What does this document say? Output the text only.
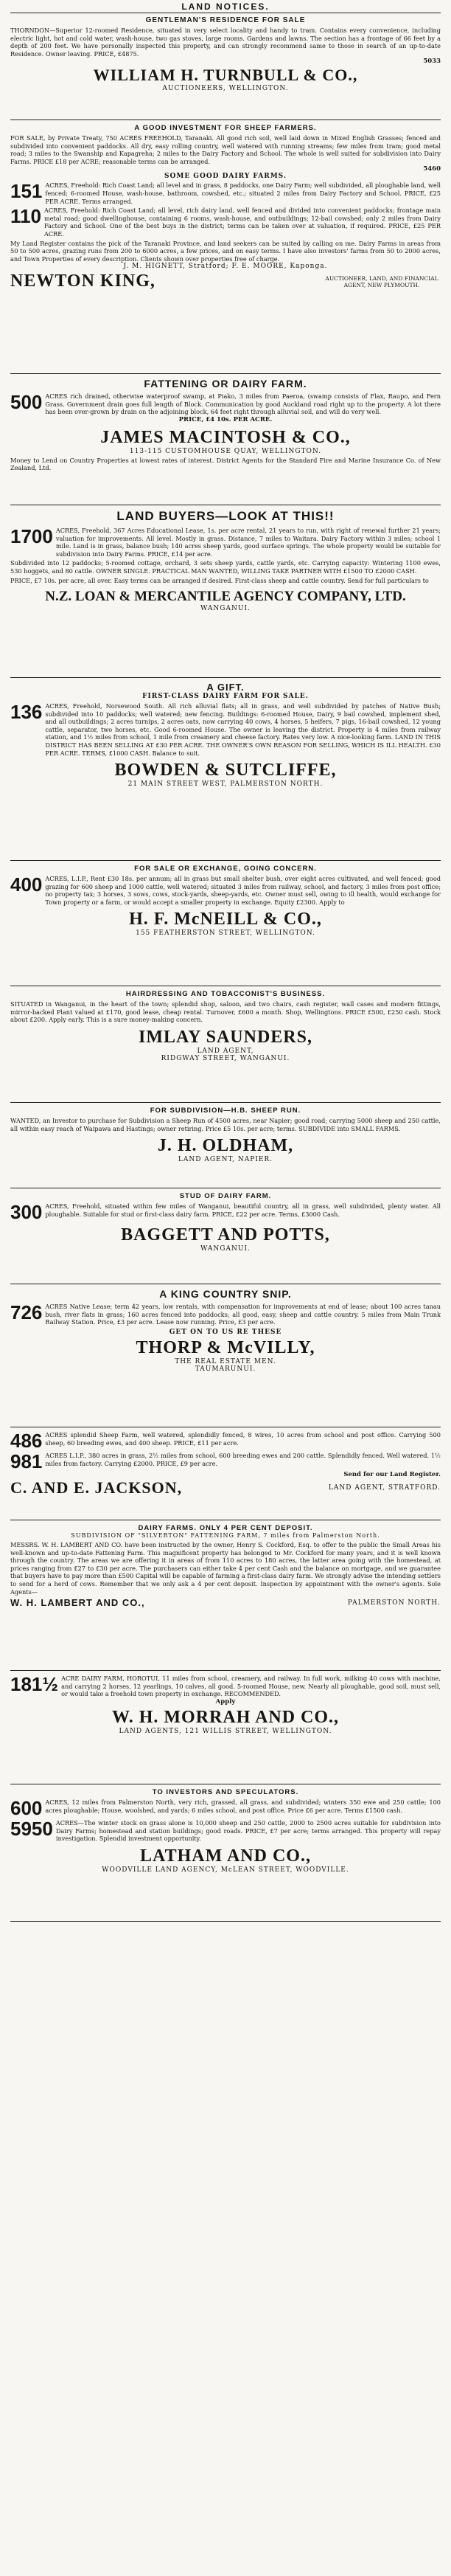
LAND NOTICES.
GENTLEMAN'S RESIDENCE FOR SALE
THORNDON—Superior 12-roomed Residence, situated in very select locality and handy to tram. Contains every convenience, including electric light, hot and cold water, wash-house, two gas stoves, large rooms. Gardens and lawns. The section has a frontage of 66 feet by a depth of 200 feet. We have personally inspected this property, and can strongly recommend same to those in search of an up-to-date Residence. Owner leaving. PRICE, £4875.
5033
WILLIAM H. TURNBULL & CO.,
AUCTIONEERS, WELLINGTON.
A GOOD INVESTMENT FOR SHEEP FARMERS.
FOR SALE, by Private Treaty, 750 ACRES FREEHOLD, Taranaki. All good rich soil, well laid down in Mixed English Grasses; fenced and subdivided into convenient paddocks. All dry, easy rolling country, well watered with running streams; few miles from tram; good metal road; 3 miles to the Swanship and Kapagreha; 2 miles to the Dairy Factory and School. The whole is well suited for subdivision into Dairy Farms. PRICE £18 per ACRE; reasonable terms can be arranged.
5460
SOME GOOD DAIRY FARMS.
151 ACRES, Freehold: Rich Coast Land; all level and in grass, 8 paddocks, one Dairy Farm; well subdivided, all ploughable land, well fenced; 6-roomed House, wash-house, bathroom, cowshed, etc.; situated 2 miles from Dairy Factory and School. PRICE, £25 PER ACRE. Terms arranged.
110 ACRES, Freehold: Rich Coast Land; all level, rich dairy land, well fenced and divided into convenient paddocks; frontage main metal road; good dwellinghouse, containing 6 rooms, wash-house, and outbuildings; 12-bail cowshed; only 2 miles from Dairy Factory and School. One of the best buys in the district; terms can be taken over at valuation, if required. PRICE, £25 PER ACRE.
My Land Register contains the pick of the Taranaki Province, and land seekers can be suited by calling on me. Dairy Farms in areas from 50 to 500 acres, grazing runs from 200 to 6000 acres, a few prices, and on easy terms. I have also investors' farms from 50 to 2000 acres, and Town Properties of every description. Clients shown over properties free of charge.
J. M. HIGNETT, Stratford; F. E. MOORE, Kaponga.
NEWTON KING,	AUCTIONEER, LAND, AND FINANCIAL AGENT, NEW PLYMOUTH.
FATTENING OR DAIRY FARM.
500 ACRES rich drained, otherwise waterproof swamp, at Piako, 3 miles from Paeroa, (swamp consists of Flax, Raupo, and Fern Grass. Government drain goes full length of Block. Communication by good Auckland road right up to the property. A lot there has been over-grown by drain on the adjoining block, 64 feet right through alluvial soil, and will do very well.
PRICE, £4 10s. PER ACRE.
JAMES MACINTOSH & CO.,
113-115 CUSTOMHOUSE QUAY, WELLINGTON.
Money to Lend on Country Properties at lowest rates of interest. District Agents for the Standard Fire and Marine Insurance Co. of New Zealand, Ltd.
LAND BUYERS—LOOK AT THIS!!
1700 ACRES, Freehold, 367 Acres Educational Lease, 1s. per acre rental, 21 years to run, with right of renewal further 21 years; valuation for improvements. All level. Mostly in grass. Distance, 7 miles to Waitara. Dairy Factory within 3 miles; school 1 mile. Land is in grass, balance bush; 140 acres sheep yards, good surface springs. The whole property would be suitable for subdivision into Dairy Farms. PRICE, £14 per acre.
Subdivided into 12 paddocks; 5-roomed cottage, orchard, 3 sets sheep yards, cattle yards, etc. Carrying capacity: Wintering 1100 ewes, 530 hoggets, and 80 cattle. OWNER SINGLE. PRACTICAL MAN WANTED, WILLING TAKE PARTNER WITH £1500 TO £2000 CASH.
PRICE, £7 10s. per acre, all over. Easy terms can be arranged if desired. First-class sheep and cattle country. Send for full particulars to
N.Z. LOAN & MERCANTILE AGENCY COMPANY, LTD.
WANGANUI.
A GIFT.
FIRST-CLASS DAIRY FARM FOR SALE.
136 ACRES, Freehold, Norsewood South. All rich alluvial flats; all in grass, and well subdivided by patches of Native Bush; subdivided into 10 paddocks; well watered; new fencing. Buildings: 6-roomed House, Dairy, 9 bail cowshed, implement shed, and all outbuildings; 2 acres turnips, 2 acres oats, now carrying 40 cows, 4 horses, 5 heifers, 7 pigs, 16-bail cowshed, 12 young cattle, separator, two horses, etc. Good 6-roomed House. The owner is leaving the district. Property is 4 miles from railway station, and 1½ miles from school, 1 mile from creamery and cheese factory. Rates very low. A nice-looking farm. LAND IN THIS DISTRICT HAS BEEN SELLING AT £30 PER ACRE. THE OWNER'S OWN REASON FOR SELLING, WHICH IS ILL HEALTH. £30 PER ACRE. TERMS, £1000 CASH. Balance to suit.
BOWDEN & SUTCLIFFE,
21 MAIN STREET WEST, PALMERSTON NORTH.
FOR SALE OR EXCHANGE, GOING CONCERN.
400 ACRES, L.I.P., Rent £30 18s. per annum; all in grass but small shelter bush, over eight acres cultivated, and well fenced; good grazing for 600 sheep and 1000 cattle, well watered; situated 3 miles from railway, school, and factory, 3 miles from post office; no property tax; 3 horses, 3 sows, cows, stock-yards, sheep-yards, etc. Owner must sell, owing to ill health, would exchange for Town property or a farm, or would accept a smaller property in exchange. Equity £2300. Apply to
H. F. McNEILL & CO.,
155 FEATHERSTON STREET, WELLINGTON.
HAIRDRESSING AND TOBACCONIST'S BUSINESS.
SITUATED in Wanganui, in the heart of the town; splendid shop, saloon, and two chairs, cash register, wall cases and modern fittings, mirror-backed Plant valued at £170, good lease, cheap rental. Turnover, £600 a month. Shop, Wellingtons. PRICE £500, £250 cash. Stock about £200. Apply early. This is a sure money-making concern.
IMLAY SAUNDERS,
LAND AGENT,
RIDGWAY STREET, WANGANUI.
FOR SUBDIVISION—H.B. SHEEP RUN.
WANTED, an Investor to purchase for Subdivision a Sheep Run of 4500 acres, near Napier; good road; carrying 5000 sheep and 250 cattle, all within easy reach of Waipawa and Hastings; owner retiring. Price £5 10s. per acre; terms. SUBDIVIDE into SMALL FARMS.
J. H. OLDHAM,
LAND AGENT, NAPIER.
STUD OF DAIRY FARM.
300 ACRES, Freehold, situated within few miles of Wanganui, beautiful country, all in grass, well subdivided, plenty water. All ploughable. Suitable for stud or first-class dairy farm. PRICE, £22 per acre. Terms, £3000 Cash.
BAGGETT AND POTTS,
WANGANUI.
A KING COUNTRY SNIP.
726 ACRES Native Lease; term 42 years, low rentals, with compensation for improvements at end of lease; about 100 acres tanau bush, river flats in grass; 160 acres fenced into paddocks; all good, easy, sheep and cattle country. 5 miles from Main Trunk Railway Station. Price, £3 per acre. Lease now running. Price, £3 per acre.
GET ON TO US RE THESE
THORP & McVILLY,
THE REAL ESTATE MEN.
TAUMARUNUI.
486 ACRES splendid Sheep Farm, well watered, splendidly fenced, 8 wires, 10 acres from school and post office. Carrying 500 sheep, 60 breeding ewes, and 400 sheep. PRICE, £11 per acre.
981 ACRES L.I.P., 380 acres in grass, 2½ miles from school, 600 breeding ewes and 200 cattle. Splendidly fenced. Well watered. 1½ miles from factory. Carrying £2000. PRICE, £9 per acre.
Send for our Land Register.
C. AND E. JACKSON,	LAND AGENT, STRATFORD.
DAIRY FARMS. ONLY 4 PER CENT DEPOSIT.
SUBDIVISION OF "SILVERTON" FATTENING FARM, 7 miles from Palmerston North.
MESSRS. W. H. LAMBERT AND CO. have been instructed by the owner, Henry S. Cockford, Esq. to offer to the public the Small Areas his well-known and up-to-date Fattening Farm. This magnificent property has belonged to Mr. Cockford for many years, and it is well known through the country. The areas we are offering it in areas of from 110 acres to 180 acres, the latter area going with the homestead, at prices ranging from £27 to £30 per acre. The purchasers can either take 4 per cent Cash and the balance on mortgage, and we guarantee that buyers have to pay more than £500 Capital will be capable of farming a first-class dairy farm. We strongly advise the intending settlers to send for a herd of cows. Remember that we only ask a 4 per cent deposit. Inspection by appointment with the owner's agents. Sole Agents—
W. H. LAMBERT AND CO.,	PALMERSTON NORTH.
181½ ACRE DAIRY FARM, HOROTUI, 11 miles from school, creamery, and railway. In full work, milking 40 cows with machine, and carrying 2 horses, 12 yearlings, 10 calves, all good. 5-roomed House, new. Nearly all ploughable, good soil, must sell, or would take a freehold town property in exchange. RECOMMENDED.
Apply
W. H. MORRAH AND CO.,
LAND AGENTS, 121 WILLIS STREET, WELLINGTON.
TO INVESTORS AND SPECULATORS.
600 ACRES, 12 miles from Palmerston North, very rich, grassed, all grass, and subdivided; winters 350 ewe and 250 cattle; 100 acres ploughable; House, woolshed, and yards; 6 miles school, and post office. Price £6 per acre. Terms £1500 cash.
5950 ACRES—The winter stock on grass alone is 10,000 sheep and 250 cattle, 2000 to 2500 acres suitable for subdivision into Dairy Farms; homestead and station buildings; good roads. PRICE, £7 per acre; terms arranged. This property will repay investigation. Splendid investment opportunity.
LATHAM AND CO.,
WOODVILLE LAND AGENCY, McLEAN STREET, WOODVILLE.
